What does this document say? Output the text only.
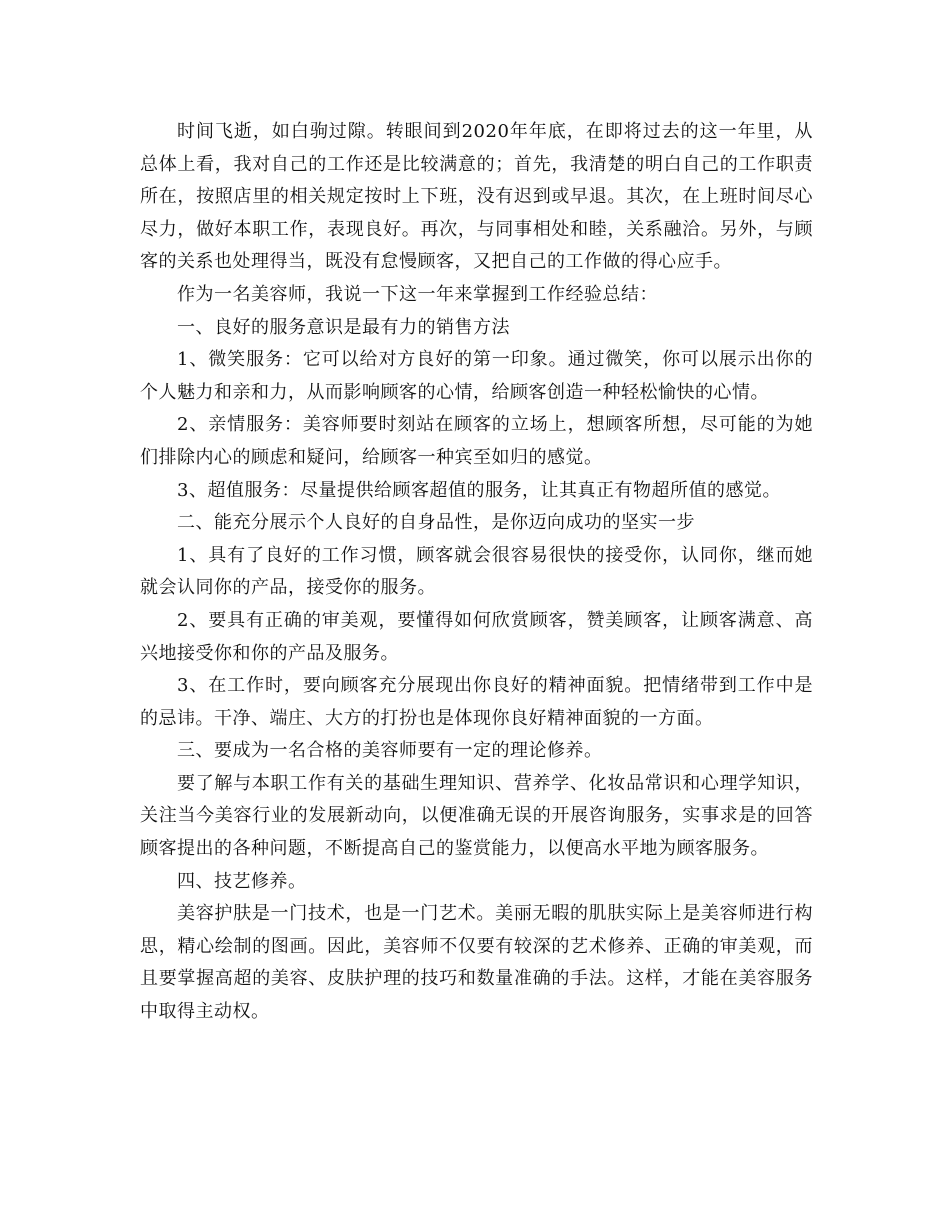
时间飞逝，如白驹过隙。转眼间到2020年年底，在即将过去的这一年里，从总体上看，我对自己的工作还是比较满意的；首先，我清楚的明白自己的工作职责所在，按照店里的相关规定按时上下班，没有迟到或早退。其次，在上班时间尽心尽力，做好本职工作，表现良好。再次，与同事相处和睦，关系融洽。另外，与顾客的关系也处理得当，既没有怠慢顾客，又把自己的工作做的得心应手。

作为一名美容师，我说一下这一年来掌握到工作经验总结：

一、良好的服务意识是最有力的销售方法

1、微笑服务：它可以给对方良好的第一印象。通过微笑，你可以展示出你的个人魅力和亲和力，从而影响顾客的心情，给顾客创造一种轻松愉快的心情。

2、亲情服务：美容师要时刻站在顾客的立场上，想顾客所想，尽可能的为她们排除内心的顾虑和疑问，给顾客一种宾至如归的感觉。

3、超值服务：尽量提供给顾客超值的服务，让其真正有物超所值的感觉。

二、能充分展示个人良好的自身品性，是你迈向成功的坚实一步

1、具有了良好的工作习惯，顾客就会很容易很快的接受你，认同你，继而她就会认同你的产品，接受你的服务。

2、要具有正确的审美观，要懂得如何欣赏顾客，赞美顾客，让顾客满意、高兴地接受你和你的产品及服务。

3、在工作时，要向顾客充分展现出你良好的精神面貌。把情绪带到工作中是的忌讳。干净、端庄、大方的打扮也是体现你良好精神面貌的一方面。

三、要成为一名合格的美容师要有一定的理论修养。

要了解与本职工作有关的基础生理知识、营养学、化妆品常识和心理学知识，关注当今美容行业的发展新动向，以便准确无误的开展咨询服务，实事求是的回答顾客提出的各种问题，不断提高自己的鉴赏能力，以便高水平地为顾客服务。

四、技艺修养。

美容护肤是一门技术，也是一门艺术。美丽无暇的肌肤实际上是美容师进行构思，精心绘制的图画。因此，美容师不仅要有较深的艺术修养、正确的审美观，而且要掌握高超的美容、皮肤护理的技巧和数量准确的手法。这样，才能在美容服务中取得主动权。
